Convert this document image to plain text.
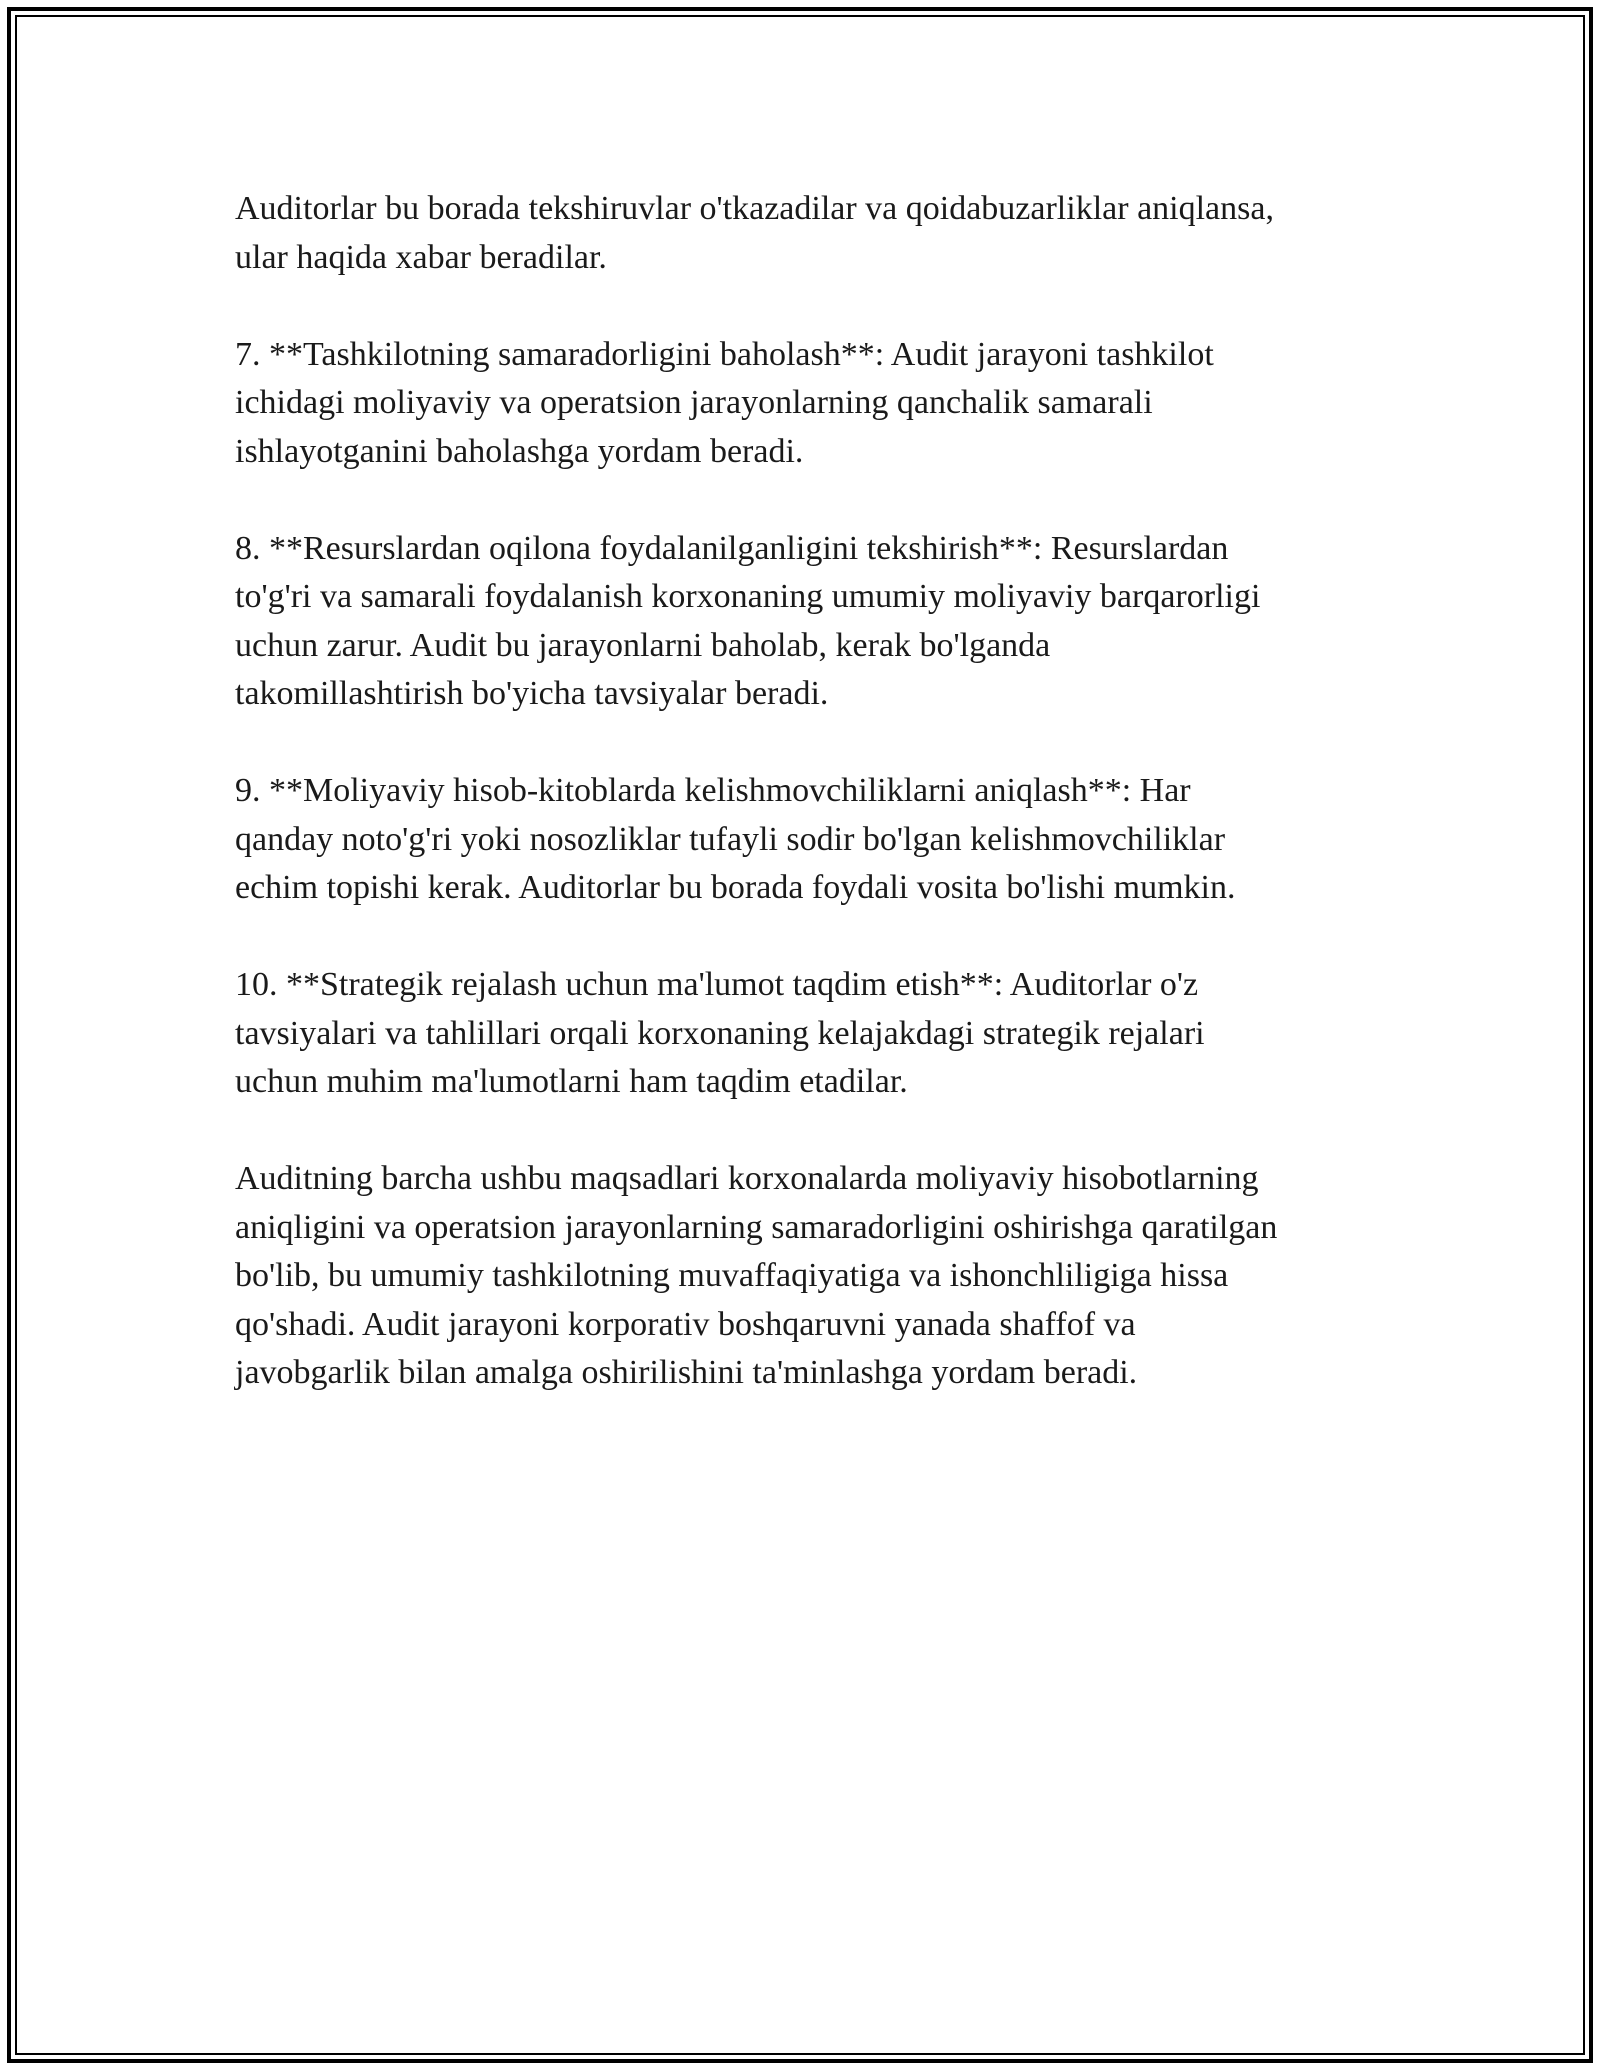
Auditorlar bu borada tekshiruvlar o'tkazadilar va qoidabuzarliklar aniqlansa,
ular haqida xabar beradilar.

7. **Tashkilotning samaradorligini baholash**: Audit jarayoni tashkilot
ichidagi moliyaviy va operatsion jarayonlarning qanchalik samarali
ishlayotganini baholashga yordam beradi.

8. **Resurslardan oqilona foydalanilganligini tekshirish**: Resurslardan
to'g'ri va samarali foydalanish korxonaning umumiy moliyaviy barqarorligi
uchun zarur. Audit bu jarayonlarni baholab, kerak bo'lganda
takomillashtirish bo'yicha tavsiyalar beradi.

9. **Moliyaviy hisob-kitoblarda kelishmovchiliklarni aniqlash**: Har
qanday noto'g'ri yoki nosozliklar tufayli sodir bo'lgan kelishmovchiliklar
echim topishi kerak. Auditorlar bu borada foydali vosita bo'lishi mumkin.

10. **Strategik rejalash uchun ma'lumot taqdim etish**: Auditorlar o'z
tavsiyalari va tahlillari orqali korxonaning kelajakdagi strategik rejalari
uchun muhim ma'lumotlarni ham taqdim etadilar.

Auditning barcha ushbu maqsadlari korxonalarda moliyaviy hisobotlarning
aniqligini va operatsion jarayonlarning samaradorligini oshirishga qaratilgan
bo'lib, bu umumiy tashkilotning muvaffaqiyatiga va ishonchliligiga hissa
qo'shadi. Audit jarayoni korporativ boshqaruvni yanada shaffof va
javobgarlik bilan amalga oshirilishini ta'minlashga yordam beradi.
